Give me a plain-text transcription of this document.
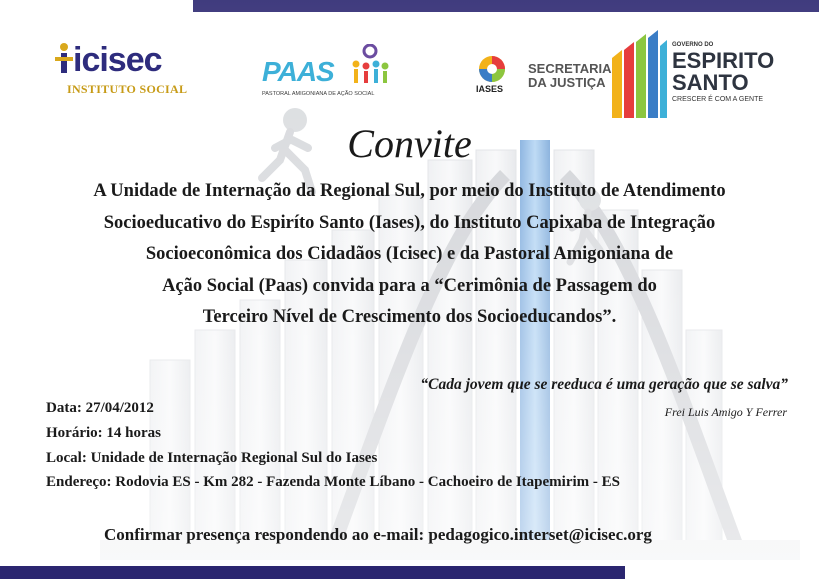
icisec
INSTITUTO SOCIAL
PAAS
PASTORAL AMIGONIANA DE AÇÃO SOCIAL	IASES
SECRETARIA
DA JUSTIÇA
GOVERNO DO
ESPIRITO
SANTO
CRESCER É COM A GENTE
Convite
A Unidade de Internação da Regional Sul, por meio do Instituto de Atendimento
Socioeducativo do Espiríto Santo (Iases), do Instituto Capixaba de Integração
Socioeconômica dos Cidadãos (Icisec) e da Pastoral Amigoniana de
Ação Social (Paas) convida para a “Cerimônia de Passagem do
Terceiro Nível de Crescimento dos Socioeducandos”.
“Cada jovem que se reeduca é uma geração que se salva”
Frei Luis Amigo Y Ferrer
Data: 27/04/2012
Horário: 14 horas
Local: Unidade de Internação Regional Sul do Iases
Endereço: Rodovia ES - Km 282 - Fazenda Monte Líbano - Cachoeiro de Itapemirim - ES
Confirmar presença respondendo ao e-mail: pedagogico.interset@icisec.org
